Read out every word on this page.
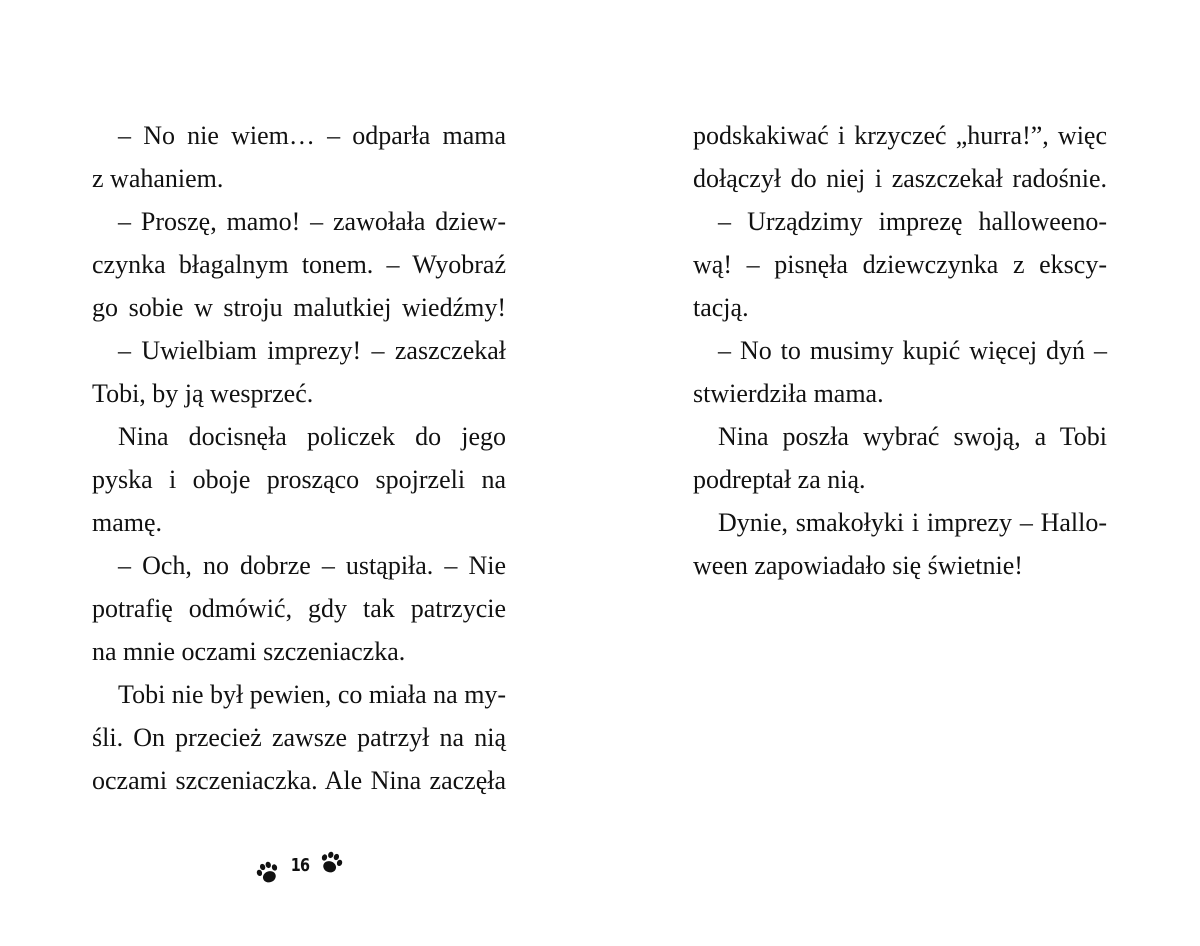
– No nie wiem… – odparła mama

z wahaniem.

– Proszę, mamo! – zawołała dziew-

czynka błagalnym tonem. – Wyobraź

go sobie w stroju malutkiej wiedźmy!

– Uwielbiam imprezy! – zaszczekał

Tobi, by ją wesprzeć.

Nina docisnęła policzek do jego

pyska i oboje prosząco spojrzeli na

mamę.

– Och, no dobrze – ustąpiła. – Nie

potrafię odmówić, gdy tak patrzycie

na mnie oczami szczeniaczka.

Tobi nie był pewien, co miała na my-

śli. On przecież zawsze patrzył na nią

oczami szczeniaczka. Ale Nina zaczęła

podskakiwać i krzyczeć „hurra!”, więc

dołączył do niej i zaszczekał radośnie.

– Urządzimy imprezę halloweeno-

wą! – pisnęła dziewczynka z ekscy-

tacją.

– No to musimy kupić więcej dyń –

stwierdziła mama.

Nina poszła wybrać swoją, a Tobi

podreptał za nią.

Dynie, smakołyki i imprezy – Hallo-

ween zapowiadało się świetnie!

16
